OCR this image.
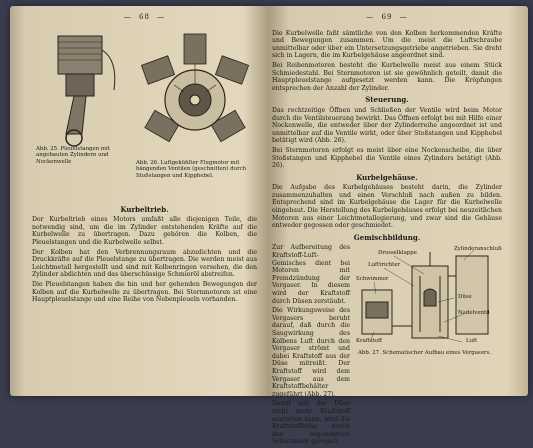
— 68 —
Abb. 25. Pleuelstangen mit angebauten Zylindern und Nockenwelle	Abb. 26. Luftgekühlter Flugmotor mit hängenden Ventilen (geschnitten) durch Stoßstangen und Kipphebel.
Kurbeltrieb.

Der Kurbeltrieb eines Motors umfaßt alle diejenigen Teile, die notwendig sind, um die im Zylinder entstehenden Kräfte auf die Kurbelwelle zu übertragen. Dazu gehören die Kolben, die Pleuelstangen und die Kurbelwelle selbst.

Der Kolben hat den Verbrennungsraum abzudichten und die Druckkräfte auf die Pleuelstange zu übertragen. Die werden meist aus Leichtmetall hergestellt und sind mit Kolbenringen versehen, die den Zylinder abdichten und das überschüssige Schmieröl abstreifen.

Die Pleuelstangen haben die hin und her gehenden Bewegungen der Kolben auf die Kurbelwelle zu übertragen. Bei Sternmotoren ist eine Hauptpleuelstange und eine Reihe von Nebenpleueln vorhanden.

— 69 —

Die Kurbelwelle faßt sämtliche von den Kolben herkommenden Kräfte und Bewegungen zusammen. Um die meist die Luftschraube unmittelbar oder über ein Untersetzungsgetriebe angetrieben. Sie dreht sich in Lagern, die im Kurbelgehäuse angeordnet sind.

Bei Reihenmotoren besteht die Kurbelwelle meist aus einem Stück Schmiedestahl. Bei Sternmotoren ist sie gewöhnlich geteilt, damit die Hauptpleuelstange aufgesetzt werden kann. Die Kröpfungen entsprechen der Anzahl der Zylinder.

Steuerung.

Das rechtzeitige Öffnen und Schließen der Ventile wird beim Motor durch die Ventilsteuerung bewirkt. Das Öffnen erfolgt bei mit Hilfe einer Nockenwelle, die entweder über der Zylinderreihe angeordnet ist und unmittelbar auf die Ventile wirkt, oder über Stoßstangen und Kipphebel betätigt wird (Abb. 26).

Bei Sternmotoren erfolgt es meist über eine Nockenscheibe, die über Stoßstangen und Kipphebel die Ventile eines Zylinders betätigt (Abb. 26).

Kurbelgehäuse.

Die Aufgabe des Kurbelgehäuses besteht darin, die Zylinder zusammenzuhalten und einen Verschluß nach außen zu bilden. Entsprechend sind im Kurbelgehäuse die Lager für die Kurbelwelle eingebaut. Die Herstellung des Kurbelgehäuses erfolgt bei neuzeitlichen Motoren aus einer Leichtmetallegierung, und zwar sind die Gehäuse entweder gegossen oder geschmiedet.

Gemischbildung.

Zur Aufbereitung des Kraftstoff-Luft-Gemisches dient bei Motoren mit Fremdzündung der Vergaser. In diesem wird der Kraftstoff durch Düsen zerstäubt.

Die Wirkungsweise des Vergasers beruht darauf, daß durch die Saugwirkung des Kolbens Luft durch den Vergaser strömt und dabei Kraftstoff aus der Düse mitreißt. Der Kraftstoff wird dem Vergaser aus dem Kraftstoffbehälter zugeführt (Abb. 27).

Damit aus der Düse nicht mehr Kraftstoff austreten kann, wird die Kraftstoffhöhe durch den sogenannten Schwimmer geregelt.

Drosselklappe
Zylinderanschluß
Lufttrichter
Schwimmer
Düse
Nadelventil
Kraftstoff	Luft
Abb. 27. Schematischer Aufbau eines Vergasers.
